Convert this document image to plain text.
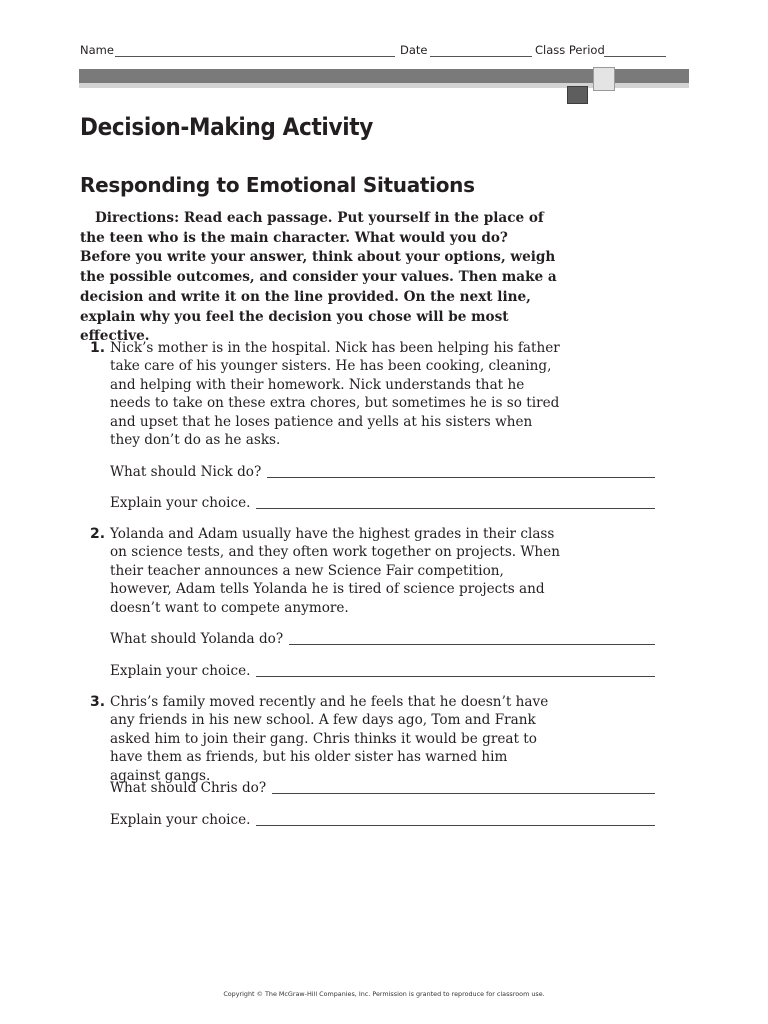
Name	Date	Class Period
Decision-Making Activity
Responding to Emotional Situations

Directions: Read each passage. Put yourself in the place of the teen who is the main character. What would you do? Before you write your answer, think about your options, weigh the possible outcomes, and consider your values. Then make a decision and write it on the line provided. On the next line, explain why you feel the decision you chose will be most effective.

1. Nick’s mother is in the hospital. Nick has been helping his father take care of his younger sisters. He has been cooking, cleaning, and helping with their homework. Nick understands that he needs to take on these extra chores, but sometimes he is so tired and upset that he loses patience and yells at his sisters when they don’t do as he asks.

What should Nick do?
Explain your choice.
2. Yolanda and Adam usually have the highest grades in their class on science tests, and they often work together on projects. When their teacher announces a new Science Fair competition, however, Adam tells Yolanda he is tired of science projects and doesn’t want to compete anymore.

What should Yolanda do?
Explain your choice.
3. Chris’s family moved recently and he feels that he doesn’t have any friends in his new school. A few days ago, Tom and Frank asked him to join their gang. Chris thinks it would be great to have them as friends, but his older sister has warned him against gangs.

What should Chris do?
Explain your choice.
Copyright © The McGraw-Hill Companies, Inc. Permission is granted to reproduce for classroom use.
